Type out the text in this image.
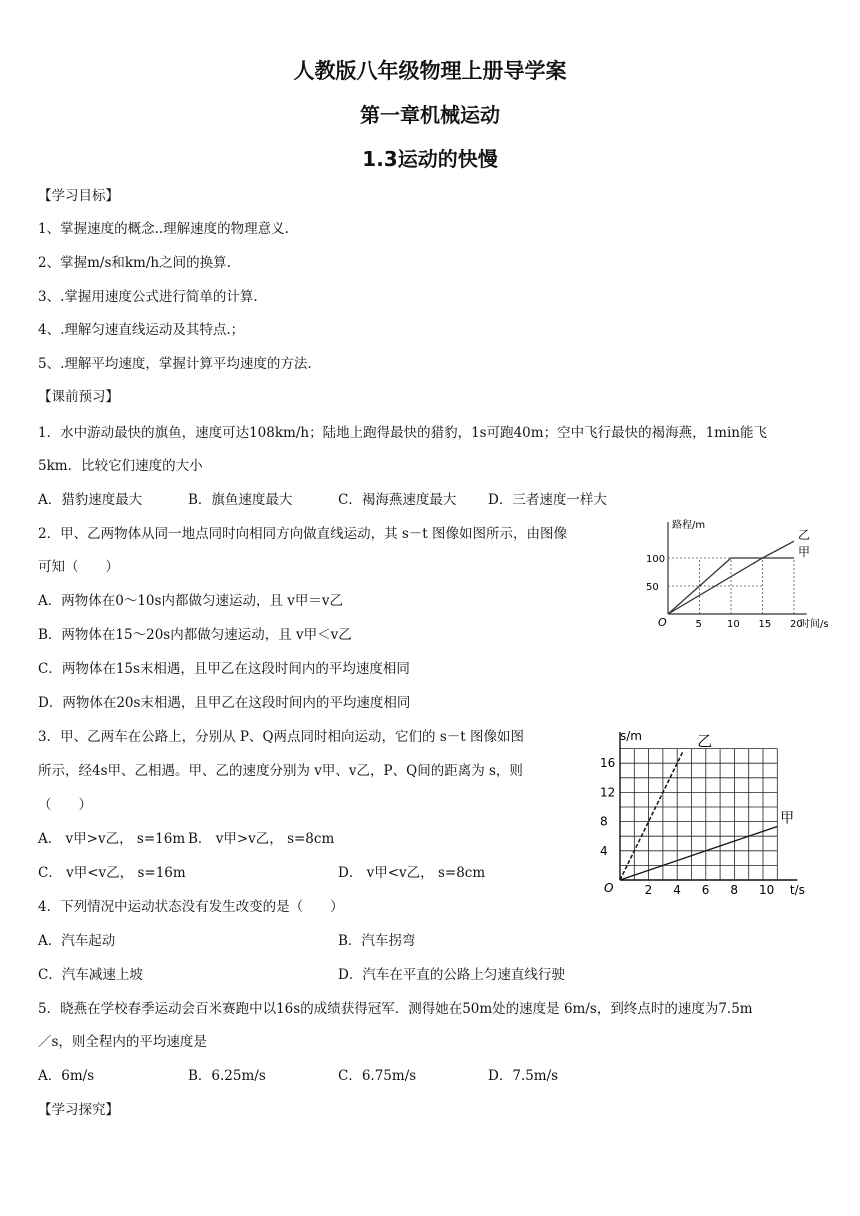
人教版八年级物理上册导学案
第一章机械运动
1.3运动的快慢
【学习目标】
1、掌握速度的概念..理解速度的物理意义.
2、掌握m/s和km/h之间的换算.
3、.掌握用速度公式进行简单的计算.
4、.理解匀速直线运动及其特点.；
5、.理解平均速度，掌握计算平均速度的方法.
【课前预习】
1．水中游动最快的旗鱼，速度可达108km/h；陆地上跑得最快的猎豹，1s可跑40m；空中飞行最快的褐海燕，1min能飞
5km．比较它们速度的大小
A．猎豹速度最大	B．旗鱼速度最大	C．褐海燕速度最大 D．三者速度一样大
2．甲、乙两物体从同一地点同时向相同方向做直线运动，其 s－t 图像如图所示，由图像
可知（　　）
A．两物体在0～10s内都做匀速运动，且 v甲＝v乙
B．两物体在15～20s内都做匀速运动，且 v甲＜v乙
C．两物体在15s末相遇，且甲乙在这段时间内的平均速度相同
D．两物体在20s末相遇，且甲乙在这段时间内的平均速度相同
路程/m
O	5	10 15 20
时间/s
50
100
甲
乙
3．甲、乙两车在公路上，分别从 P、Q两点同时相向运动，它们的 s－t 图像如图
所示，经4s甲、乙相遇。甲、乙的速度分别为 v甲、v乙，P、Q间的距离为 s，则
（　　）
A． v甲>v乙， s=16m B． v甲>v乙， s=8cm
C． v甲<v乙， s=16m	D． v甲<v乙， s=8cm
s/m
t/s
O	2 4 6 8 10
4
8
12
16
乙
甲
4．下列情况中运动状态没有发生改变的是（　　）
A．汽车起动	B．汽车拐弯
C．汽车减速上坡	D．汽车在平直的公路上匀速直线行驶
5．晓燕在学校春季运动会百米赛跑中以16s的成绩获得冠军．测得她在50m处的速度是 6m/s，到终点时的速度为7.5m
／s，则全程内的平均速度是
A．6m/s	B．6.25m/s	C．6.75m/s	D．7.5m/s
【学习探究】
